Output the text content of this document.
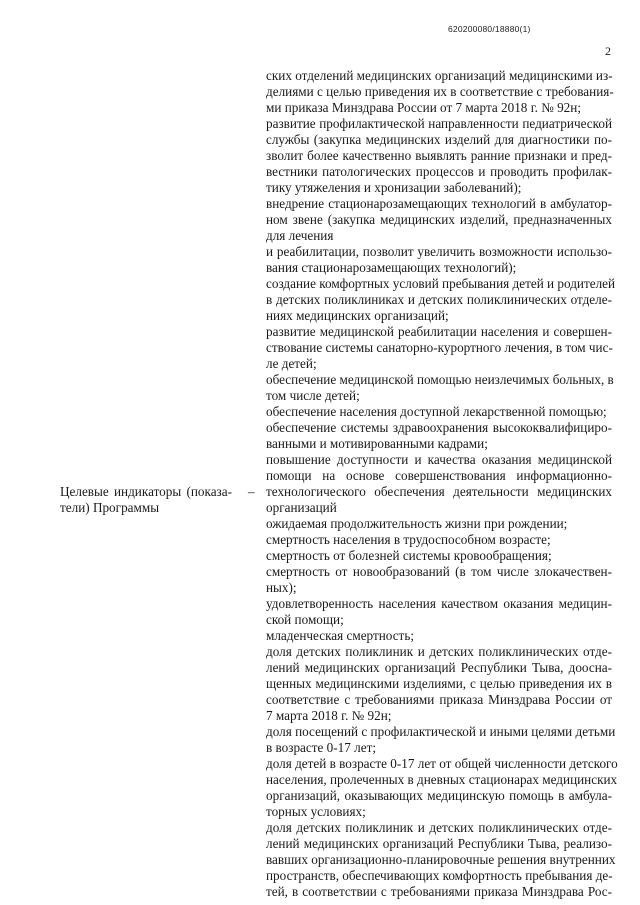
620200080/18880(1)
2
Целевые индикаторы (показа-
тели) Программы
–
ских отделений медицинских организаций медицинскими из-
делиями с целью приведения их в соответствие с требования-
ми приказа Минздрава России от 7 марта 2018 г. № 92н;
развитие профилактической направленности педиатрической
службы (закупка медицинских изделий для диагностики по-
зволит более качественно выявлять ранние признаки и пред-
вестники патологических процессов и проводить профилак-
тику утяжеления и хронизации заболеваний);
внедрение стационарозамещающих технологий в амбулатор-
ном звене (закупка медицинских изделий, предназначенных
для лечения
и реабилитации, позволит увеличить возможности использо-
вания стационарозамещающих технологий);
создание комфортных условий пребывания детей и родителей
в детских поликлиниках и детских поликлинических отделе-
ниях медицинских организаций;
развитие медицинской реабилитации населения и совершен-
ствование системы санаторно-курортного лечения, в том чис-
ле детей;
обеспечение медицинской помощью неизлечимых больных, в
том числе детей;
обеспечение населения доступной лекарственной помощью;
обеспечение системы здравоохранения высококвалифициро-
ванными и мотивированными кадрами;
повышение доступности и качества оказания медицинской
помощи на основе совершенствования информационно-
технологического обеспечения деятельности медицинских
организаций
ожидаемая продолжительность жизни при рождении;
смертность населения в трудоспособном возрасте;
смертность от болезней системы кровообращения;
смертность от новообразований (в том числе злокачествен-
ных);
удовлетворенность населения качеством оказания медицин-
ской помощи;
младенческая смертность;
доля детских поликлиник и детских поликлинических отде-
лений медицинских организаций Республики Тыва, доосна-
щенных медицинскими изделиями, с целью приведения их в
соответствие с требованиями приказа Минздрава России от
7 марта 2018 г. № 92н;
доля посещений с профилактической и иными целями детьми
в возрасте 0-17 лет;
доля детей в возрасте 0-17 лет от общей численности детского
населения, пролеченных в дневных стационарах медицинских
организаций, оказывающих медицинскую помощь в амбула-
торных условиях;
доля детских поликлиник и детских поликлинических отде-
лений медицинских организаций Республики Тыва, реализо-
вавших организационно-планировочные решения внутренних
пространств, обеспечивающих комфортность пребывания де-
тей, в соответствии с требованиями приказа Минздрава Рос-
